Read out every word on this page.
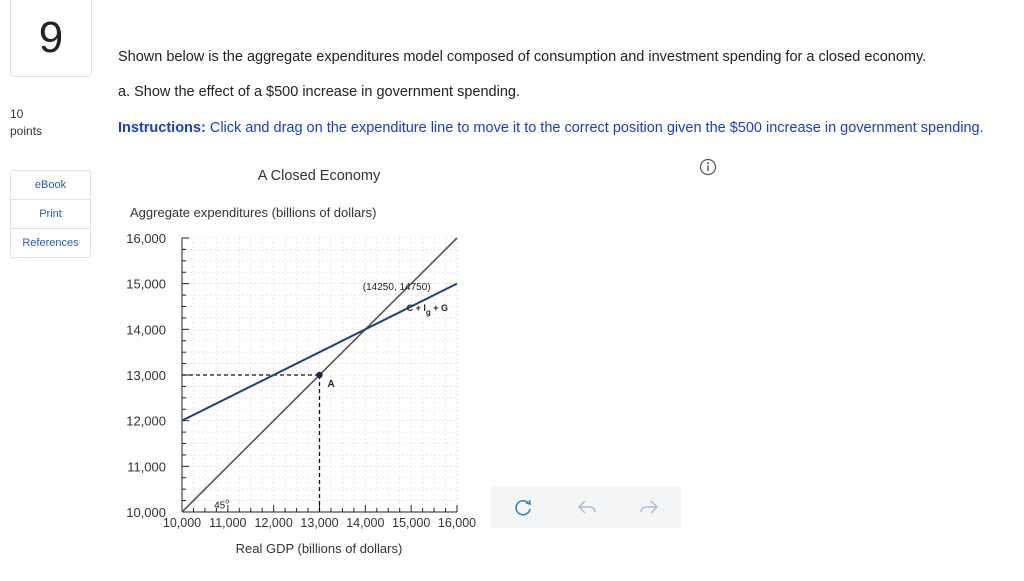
9
10
points
eBook
Print
References
Shown below is the aggregate expenditures model composed of consumption and investment spending for a closed economy.
a. Show the effect of a $500 increase in government spending.
Instructions: Click and drag on the expenditure line to move it to the correct position given the $500 increase in government spending.
A Closed Economy
Aggregate expenditures (billions of dollars)
10,000
11,000
12,000
13,000
14,000
15,000
16,000
10,000 11,000 12,000 13,000 14,000 15,000 16,000
Real GDP (billions of dollars)
(14250, 14750)
C + Ig + G
45$^o$
A
